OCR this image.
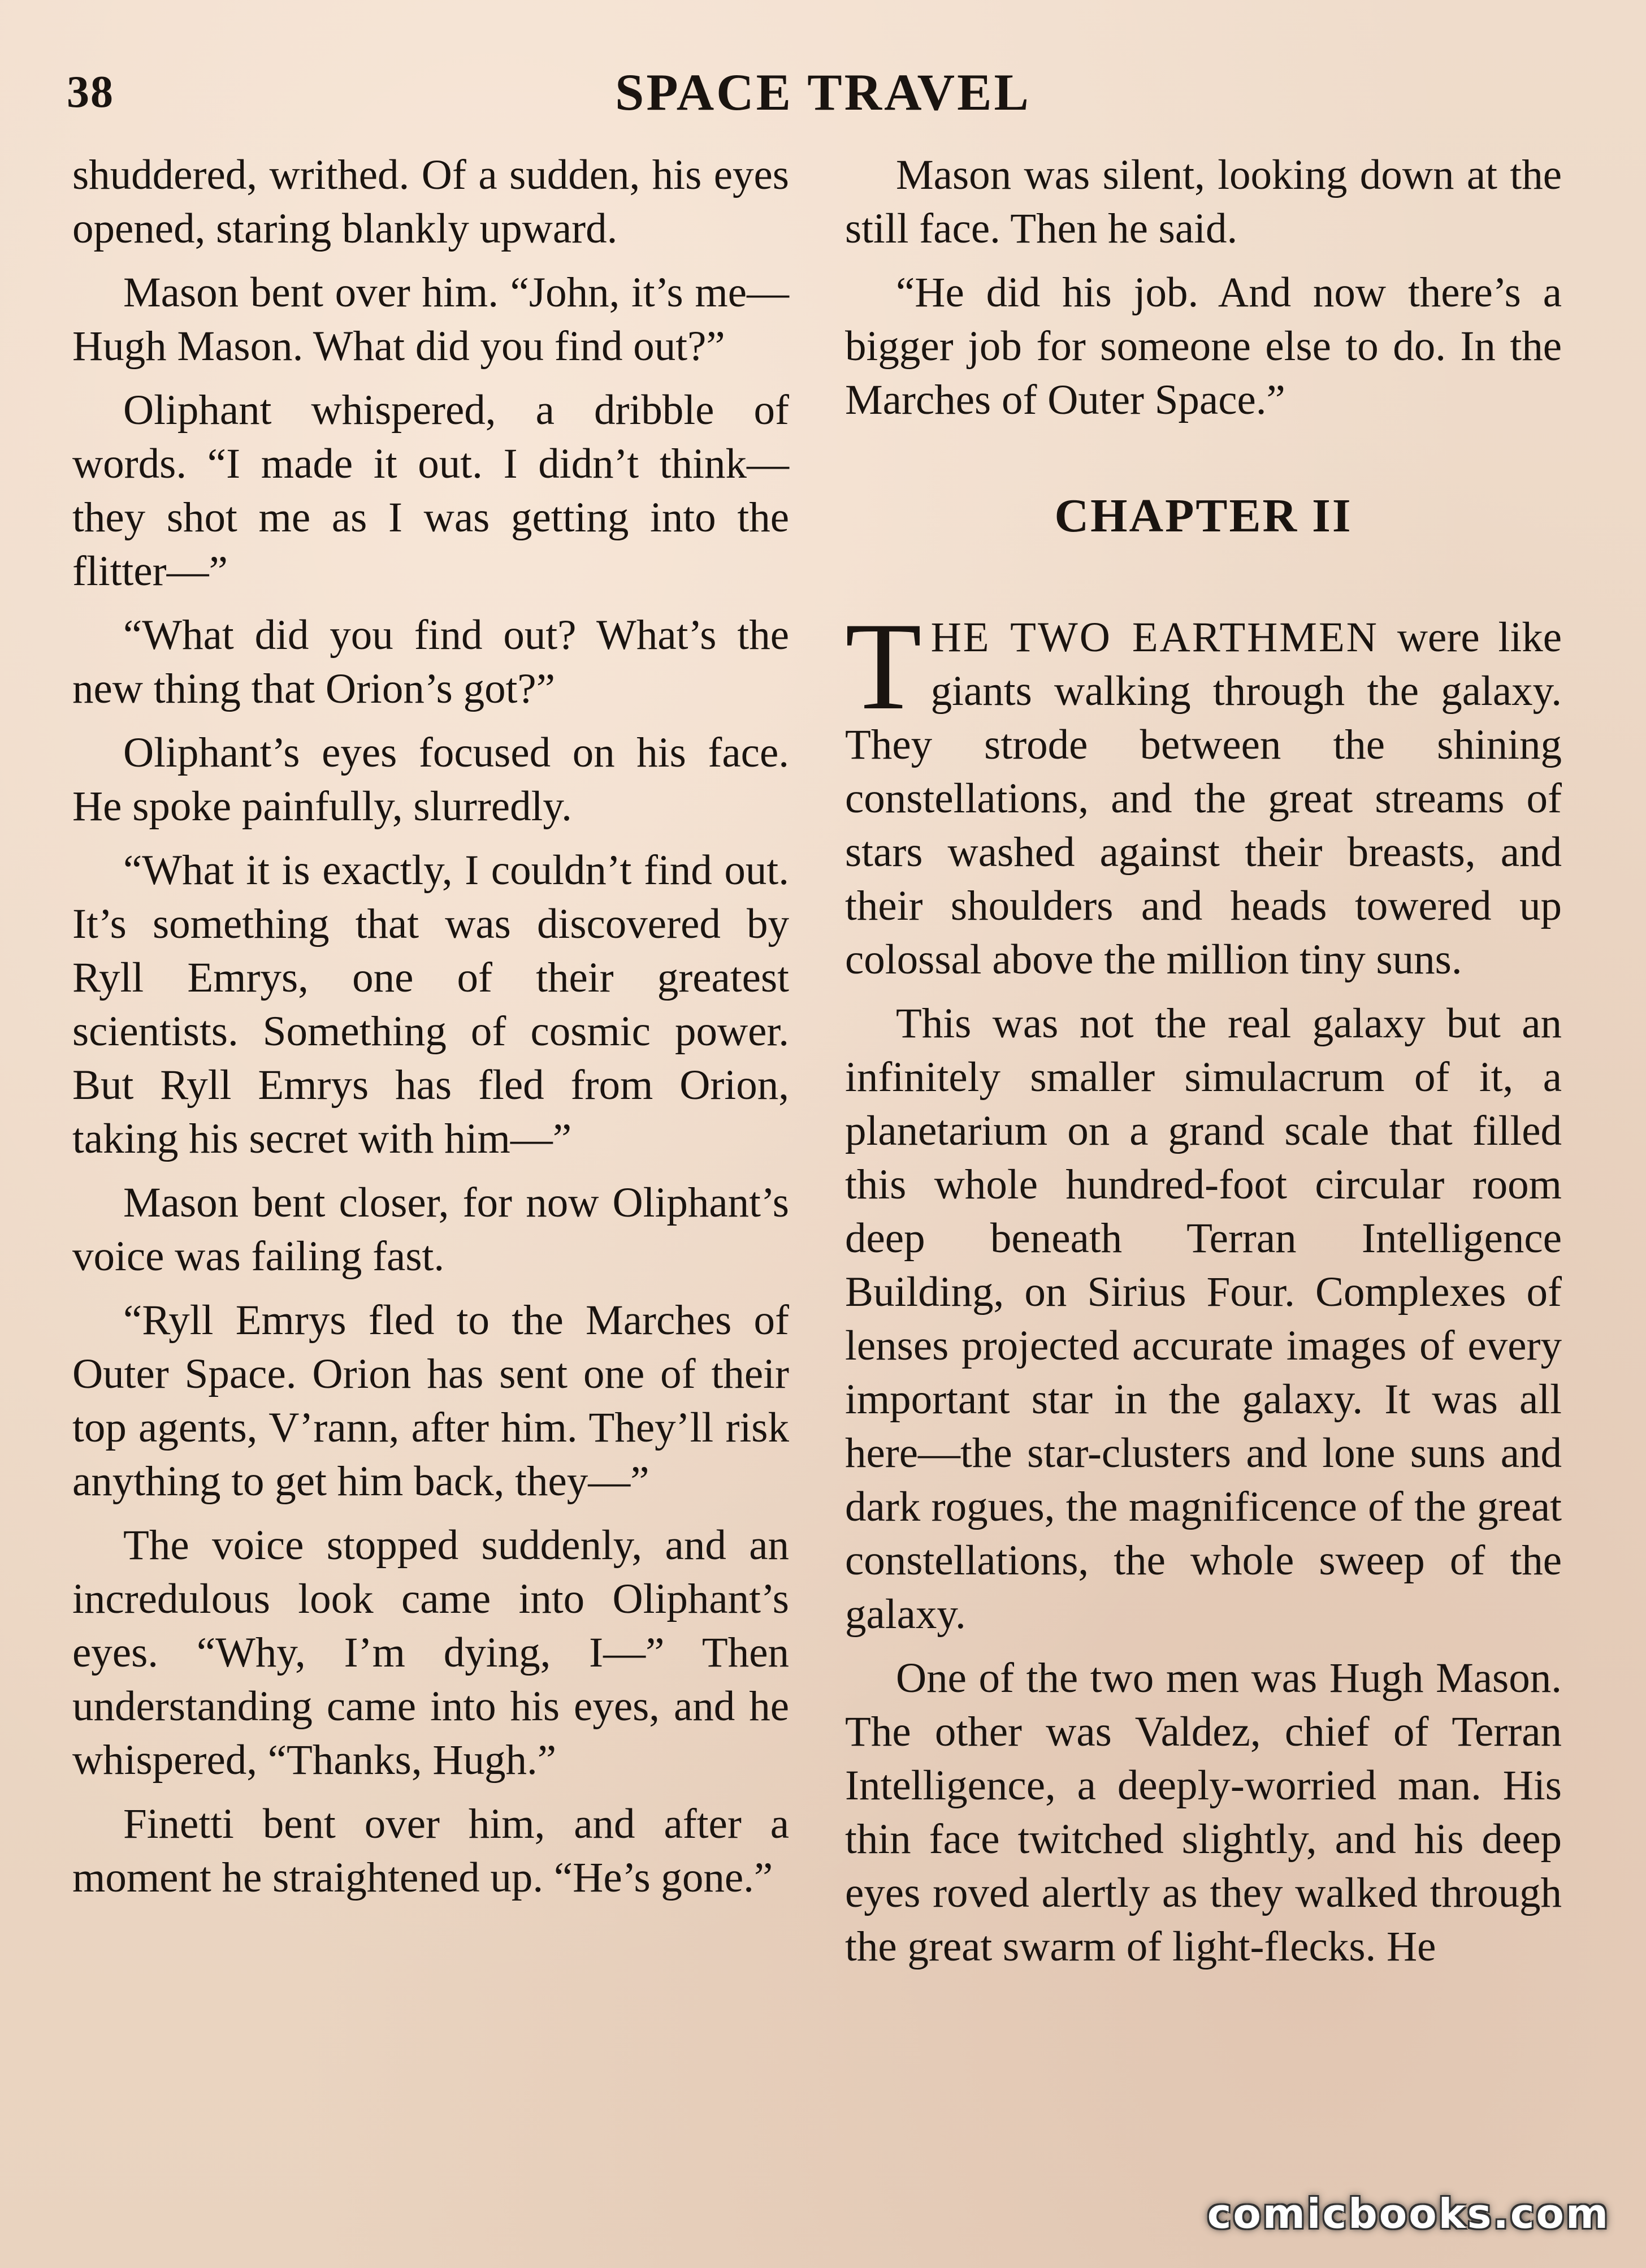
38	SPACE TRAVEL

shuddered, writhed. Of a sudden, his eyes opened, staring blankly upward.

Mason bent over him. “John, it’s me—Hugh Mason. What did you find out?”

Oliphant whispered, a dribble of words. “I made it out. I didn’t think—they shot me as I was getting into the flitter—”

“What did you find out? What’s the new thing that Orion’s got?”

Oliphant’s eyes focused on his face. He spoke painfully, slurredly.

“What it is exactly, I couldn’t find out. It’s something that was discovered by Ryll Emrys, one of their greatest scientists. Something of cosmic power. But Ryll Emrys has fled from Orion, taking his secret with him—”

Mason bent closer, for now Oliphant’s voice was failing fast.

“Ryll Emrys fled to the Marches of Outer Space. Orion has sent one of their top agents, V’rann, after him. They’ll risk anything to get him back, they—”

The voice stopped suddenly, and an incredulous look came into Oliphant’s eyes. “Why, I’m dying, I—” Then understanding came into his eyes, and he whispered, “Thanks, Hugh.”

Finetti bent over him, and after a moment he straightened up. “He’s gone.”

Mason was silent, looking down at the still face. Then he said.

“He did his job. And now there’s a bigger job for someone else to do. In the Marches of Outer Space.”

CHAPTER II

THE TWO EARTHMEN were like giants walking through the galaxy. They strode between the shining constellations, and the great streams of stars washed against their breasts, and their shoulders and heads towered up colossal above the million tiny suns.

This was not the real galaxy but an infinitely smaller simulacrum of it, a planetarium on a grand scale that filled this whole hundred-foot circular room deep beneath Terran Intelligence Building, on Sirius Four. Complexes of lenses projected accurate images of every important star in the galaxy. It was all here—the star-clusters and lone suns and dark rogues, the magnificence of the great constellations, the whole sweep of the galaxy.

One of the two men was Hugh Mason. The other was Valdez, chief of Terran Intelligence, a deeply-worried man. His thin face twitched slightly, and his deep eyes roved alertly as they walked through the great swarm of light-flecks. He

comicbooks.com
